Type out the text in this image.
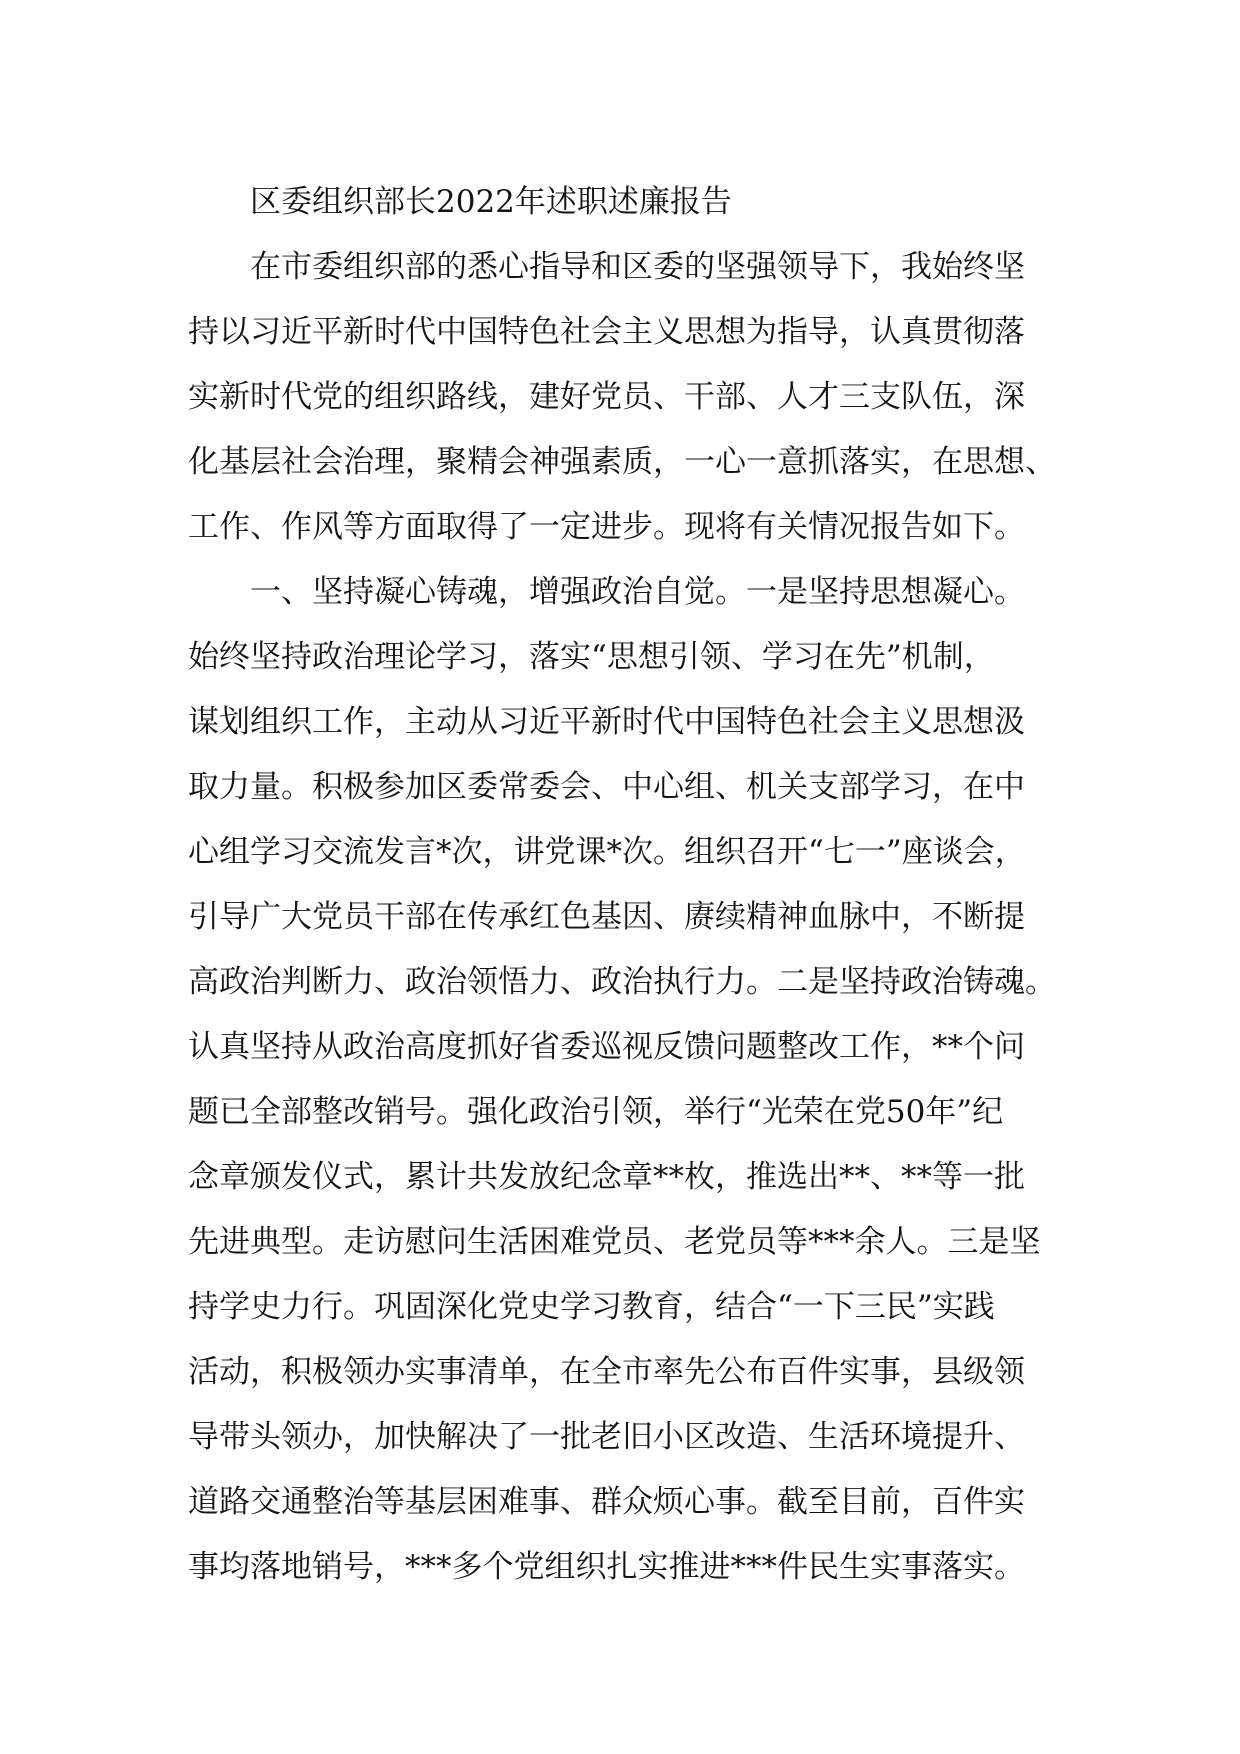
区委组织部长2022年述职述廉报告
在市委组织部的悉心指导和区委的坚强领导下，我始终坚
持以习近平新时代中国特色社会主义思想为指导，认真贯彻落
实新时代党的组织路线，建好党员、干部、人才三支队伍，深
化基层社会治理，聚精会神强素质，一心一意抓落实，在思想、
工作、作风等方面取得了一定进步。现将有关情况报告如下。
一、坚持凝心铸魂，增强政治自觉。一是坚持思想凝心。
始终坚持政治理论学习，落实“思想引领、学习在先”机制，
谋划组织工作，主动从习近平新时代中国特色社会主义思想汲
取力量。积极参加区委常委会、中心组、机关支部学习，在中
心组学习交流发言*次，讲党课*次。组织召开“七一”座谈会，
引导广大党员干部在传承红色基因、赓续精神血脉中，不断提
高政治判断力、政治领悟力、政治执行力。二是坚持政治铸魂。
认真坚持从政治高度抓好省委巡视反馈问题整改工作，**个问
题已全部整改销号。强化政治引领，举行“光荣在党50年”纪
念章颁发仪式，累计共发放纪念章**枚，推选出**、**等一批
先进典型。走访慰问生活困难党员、老党员等***余人。三是坚
持学史力行。巩固深化党史学习教育，结合“一下三民”实践
活动，积极领办实事清单，在全市率先公布百件实事，县级领
导带头领办，加快解决了一批老旧小区改造、生活环境提升、
道路交通整治等基层困难事、群众烦心事。截至目前，百件实
事均落地销号，***多个党组织扎实推进***件民生实事落实。
